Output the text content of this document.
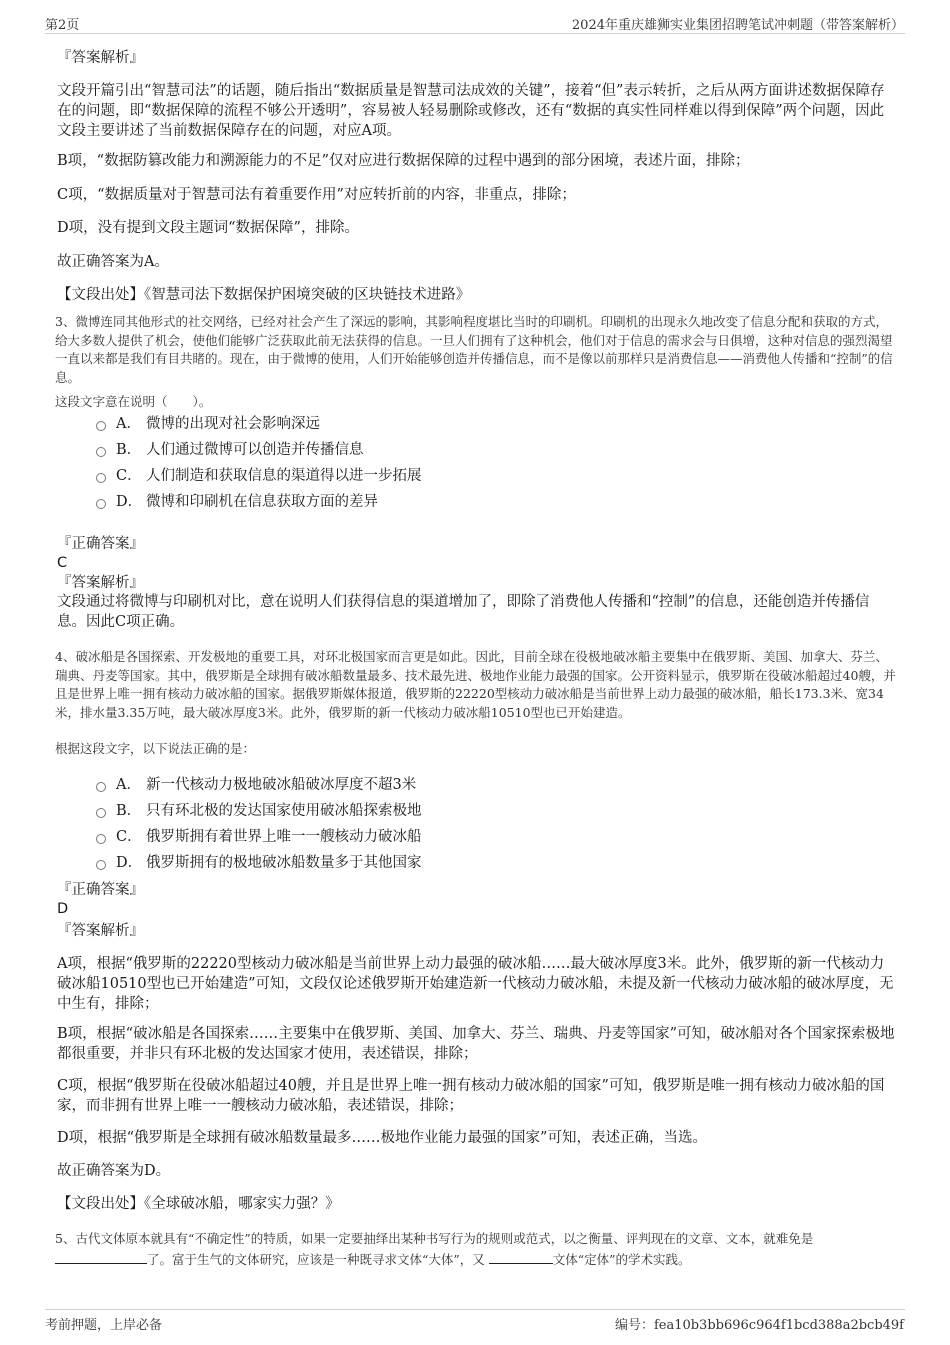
第2页	2024年重庆雄狮实业集团招聘笔试冲刺题（带答案解析）
『答案解析』
文段开篇引出“智慧司法”的话题，随后指出“数据质量是智慧司法成效的关键”，接着“但”表示转折，之后从两方面讲述数据保障存在的问题，即“数据保障的流程不够公开透明”，容易被人轻易删除或修改，还有“数据的真实性同样难以得到保障”两个问题，因此文段主要讲述了当前数据保障存在的问题，对应A项。
B项，“数据防篡改能力和溯源能力的不足”仅对应进行数据保障的过程中遇到的部分困境，表述片面，排除；
C项，“数据质量对于智慧司法有着重要作用”对应转折前的内容，非重点，排除；
D项，没有提到文段主题词“数据保障”，排除。
故正确答案为A。
【文段出处】《智慧司法下数据保护困境突破的区块链技术进路》
3、微博连同其他形式的社交网络，已经对社会产生了深远的影响，其影响程度堪比当时的印刷机。印刷机的出现永久地改变了信息分配和获取的方式，给大多数人提供了机会，使他们能够广泛获取此前无法获得的信息。一旦人们拥有了这种机会，他们对于信息的需求会与日俱增，这种对信息的强烈渴望一直以来都是我们有目共睹的。现在，由于微博的使用，人们开始能够创造并传播信息，而不是像以前那样只是消费信息——消费他人传播和“控制”的信息。
这段文字意在说明（　　）。
A． 微博的出现对社会影响深远
B． 人们通过微博可以创造并传播信息
C． 人们制造和获取信息的渠道得以进一步拓展
D． 微博和印刷机在信息获取方面的差异
『正确答案』
C
『答案解析』
文段通过将微博与印刷机对比，意在说明人们获得信息的渠道增加了，即除了消费他人传播和“控制”的信息，还能创造并传播信息。因此C项正确。
4、破冰船是各国探索、开发极地的重要工具，对环北极国家而言更是如此。因此，目前全球在役极地破冰船主要集中在俄罗斯、美国、加拿大、芬兰、瑞典、丹麦等国家。其中，俄罗斯是全球拥有破冰船数量最多、技术最先进、极地作业能力最强的国家。公开资料显示，俄罗斯在役破冰船超过40艘，并且是世界上唯一拥有核动力破冰船的国家。据俄罗斯媒体报道，俄罗斯的22220型核动力破冰船是当前世界上动力最强的破冰船，船长173.3米、宽34米，排水量3.35万吨，最大破冰厚度3米。此外，俄罗斯的新一代核动力破冰船10510型也已开始建造。
根据这段文字，以下说法正确的是：
A． 新一代核动力极地破冰船破冰厚度不超3米
B． 只有环北极的发达国家使用破冰船探索极地
C． 俄罗斯拥有着世界上唯一一艘核动力破冰船
D． 俄罗斯拥有的极地破冰船数量多于其他国家
『正确答案』
D
『答案解析』
A项，根据“俄罗斯的22220型核动力破冰船是当前世界上动力最强的破冰船……最大破冰厚度3米。此外，俄罗斯的新一代核动力破冰船10510型也已开始建造”可知，文段仅论述俄罗斯开始建造新一代核动力破冰船，未提及新一代核动力破冰船的破冰厚度，无中生有，排除；
B项，根据“破冰船是各国探索……主要集中在俄罗斯、美国、加拿大、芬兰、瑞典、丹麦等国家”可知，破冰船对各个国家探索极地都很重要，并非只有环北极的发达国家才使用，表述错误，排除；
C项，根据“俄罗斯在役破冰船超过40艘，并且是世界上唯一拥有核动力破冰船的国家”可知，俄罗斯是唯一拥有核动力破冰船的国家，而非拥有世界上唯一一艘核动力破冰船，表述错误，排除；
D项，根据“俄罗斯是全球拥有破冰船数量最多……极地作业能力最强的国家”可知，表述正确，当选。
故正确答案为D。
【文段出处】《全球破冰船，哪家实力强？》
5、古代文体原本就具有“不确定性”的特质，如果一定要抽绎出某种书写行为的规则或范式，以之衡量、评判现在的文章、文本，就难免是 了。富于生气的文体研究，应该是一种既寻求文体“大体”，又	文体“定体”的学术实践。
考前押题，上岸必备	编号：fea10b3bb696c964f1bcd388a2bcb49f
